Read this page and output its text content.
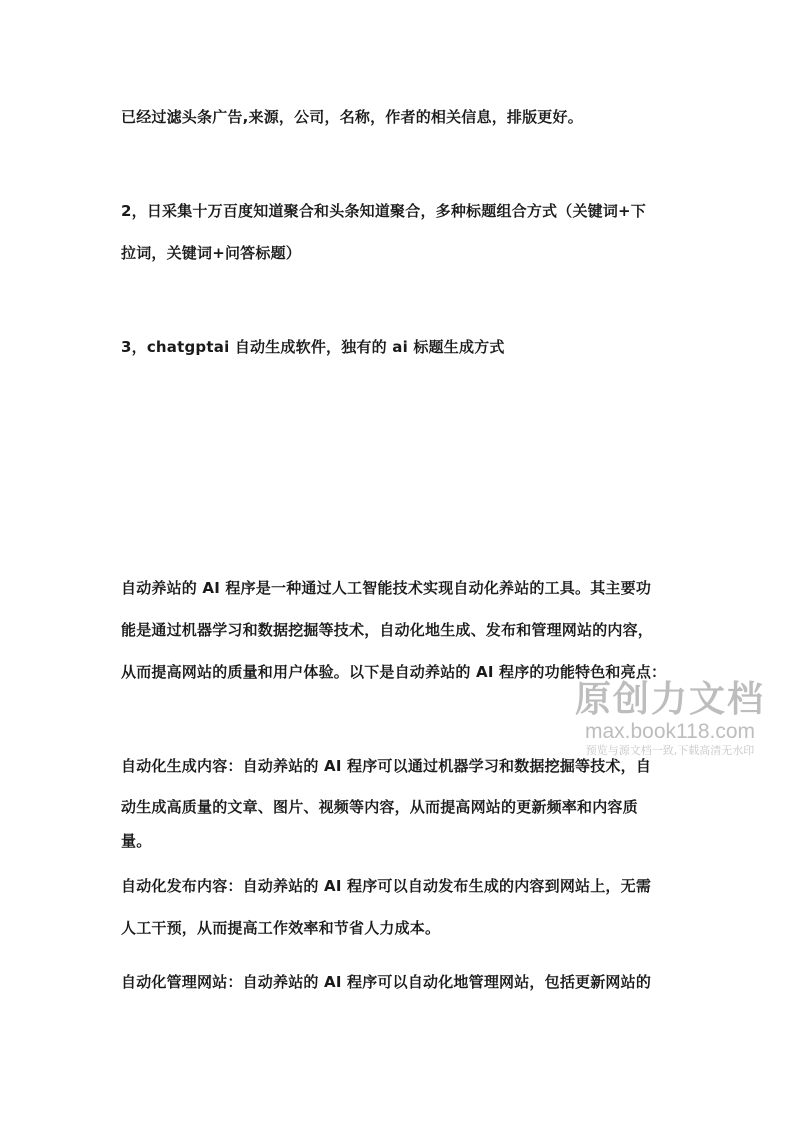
已经过滤头条广告,来源，公司，名称，作者的相关信息，排版更好。
2，日采集十万百度知道聚合和头条知道聚合，多种标题组合方式（关键词+下
拉词，关键词+问答标题）
3，chatgptai 自动生成软件，独有的 ai 标题生成方式
自动养站的 AI 程序是一种通过人工智能技术实现自动化养站的工具。其主要功
能是通过机器学习和数据挖掘等技术，自动化地生成、发布和管理网站的内容，
从而提高网站的质量和用户体验。以下是自动养站的 AI 程序的功能特色和亮点：
自动化生成内容：自动养站的 AI 程序可以通过机器学习和数据挖掘等技术，自
动生成高质量的文章、图片、视频等内容，从而提高网站的更新频率和内容质
量。
自动化发布内容：自动养站的 AI 程序可以自动发布生成的内容到网站上，无需
人工干预，从而提高工作效率和节省人力成本。
自动化管理网站：自动养站的 AI 程序可以自动化地管理网站，包括更新网站的
原创力文档
max.book118.com
预览与源文档一致,下载高清无水印
